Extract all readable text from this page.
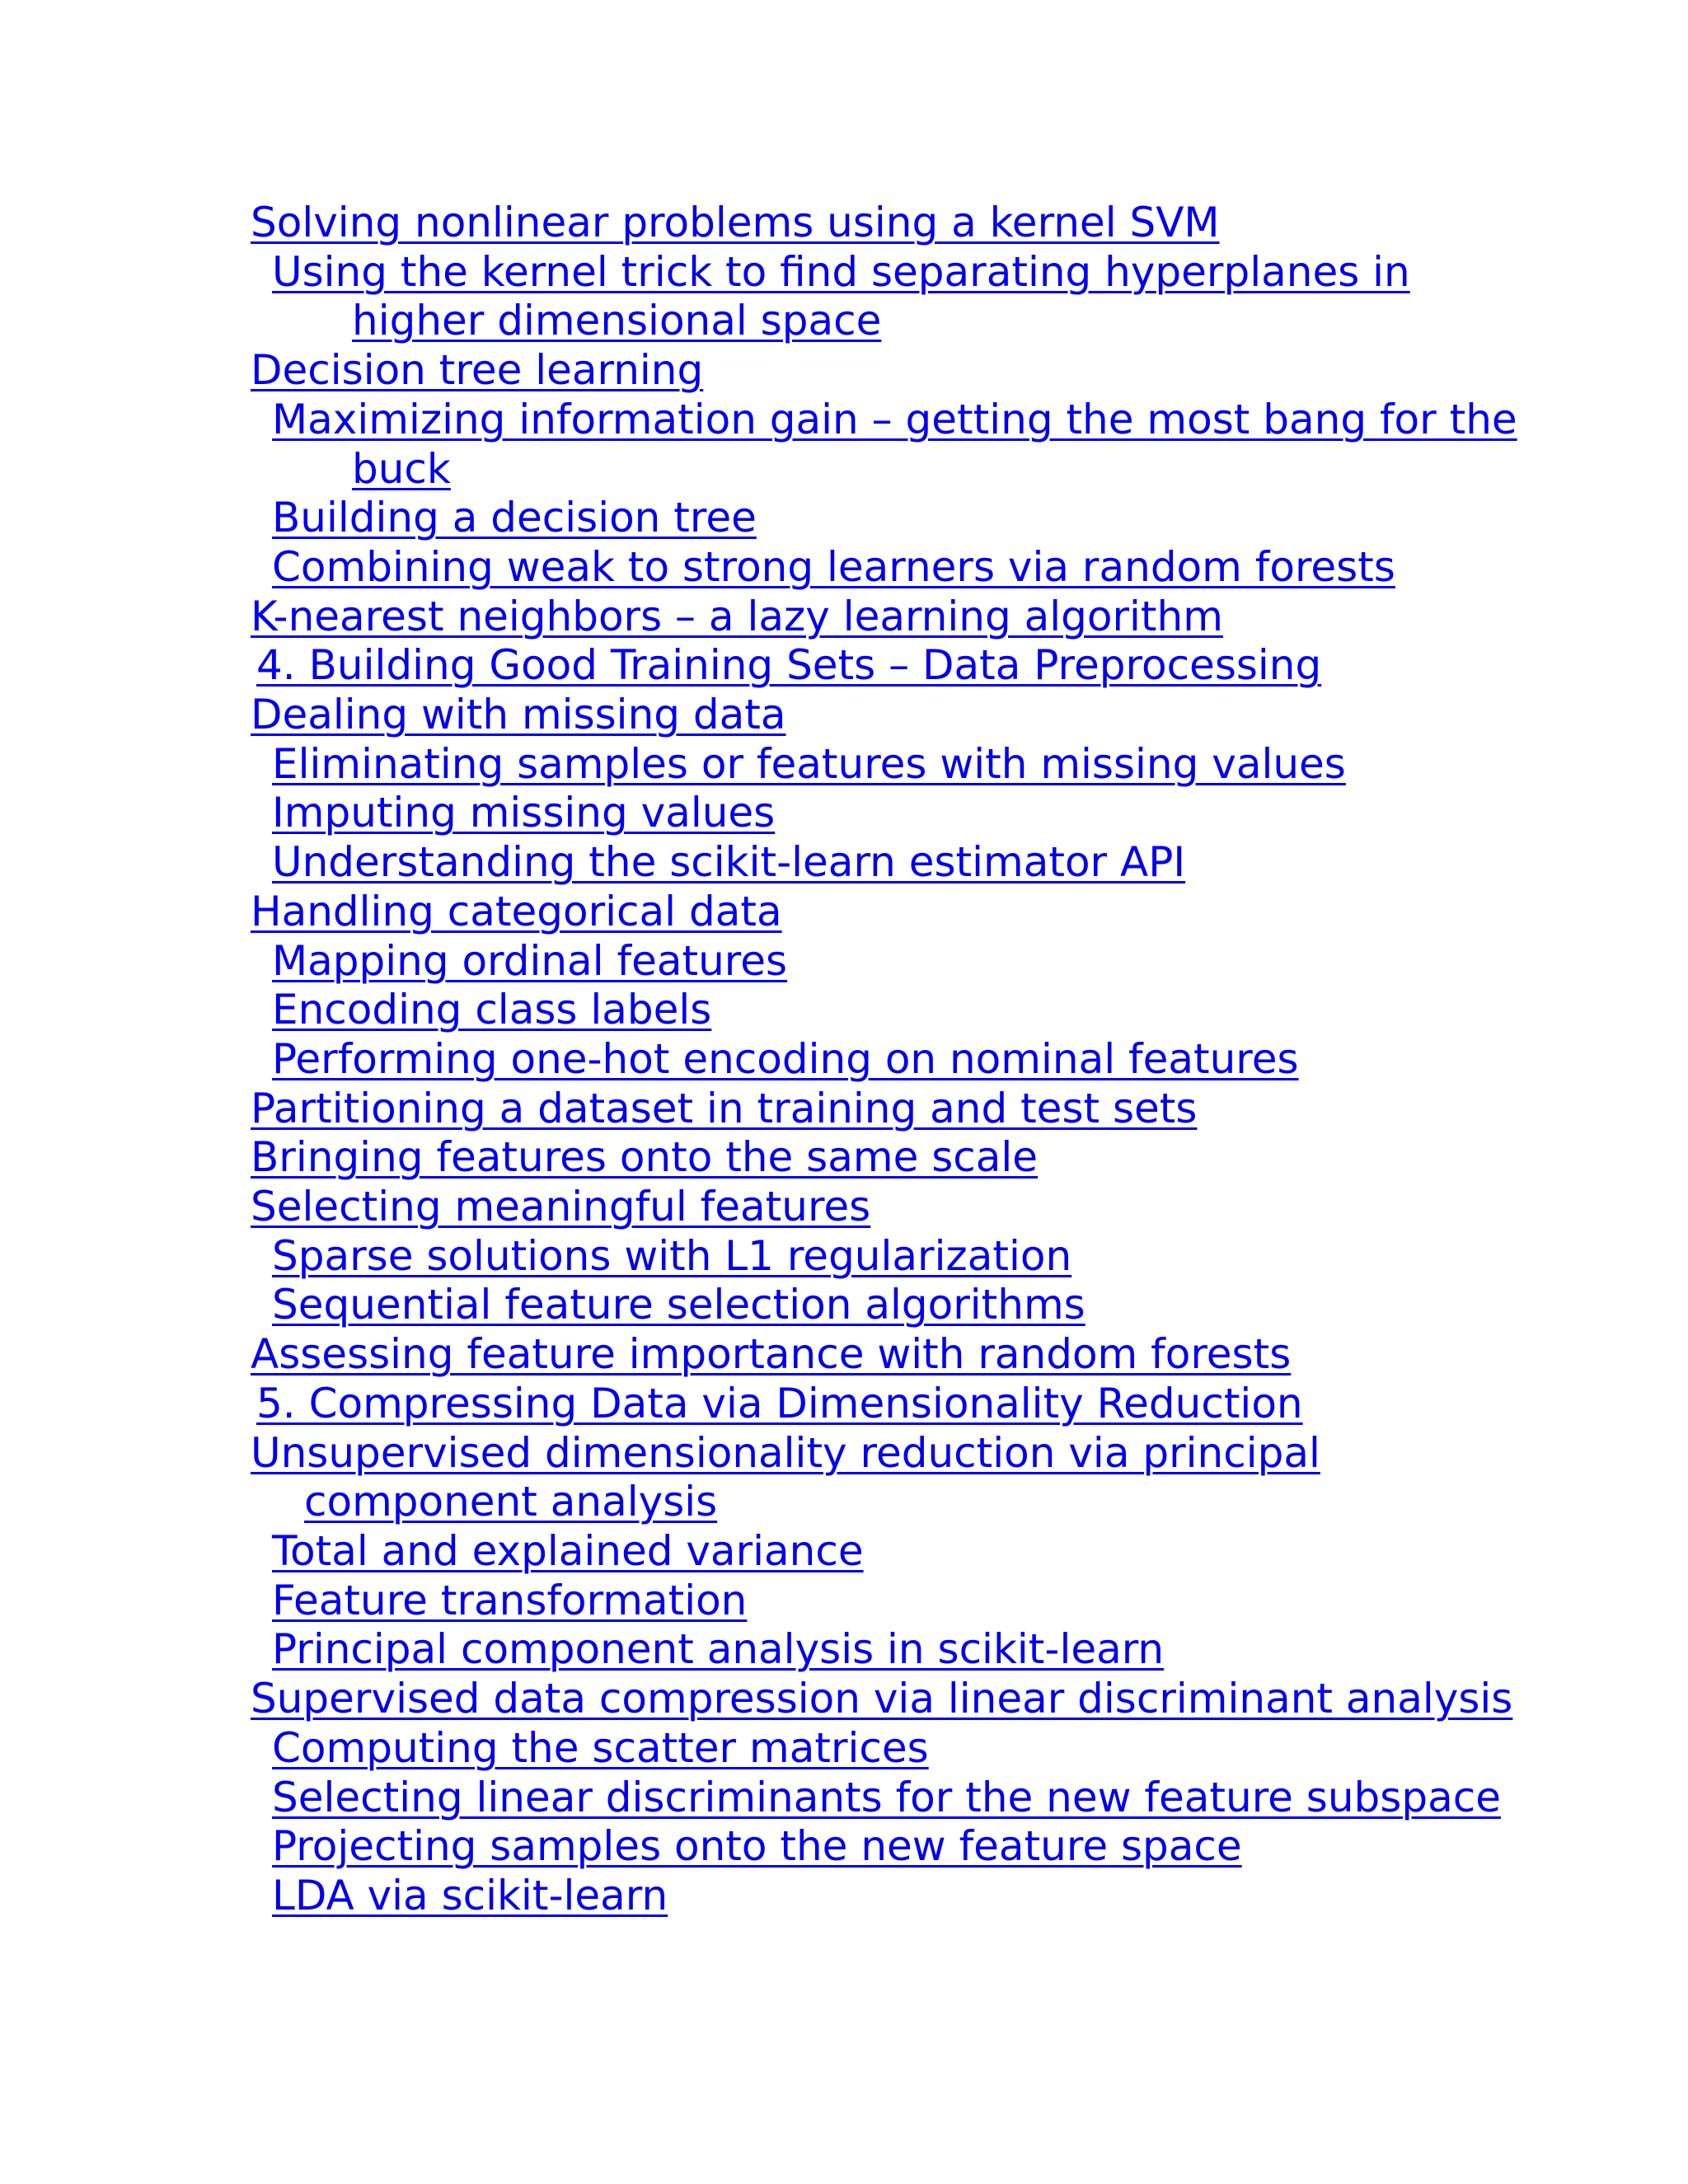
Solving nonlinear problems using a kernel SVM
Using the kernel trick to find separating hyperplanes in higher dimensional space
Decision tree learning
Maximizing information gain – getting the most bang for the buck
Building a decision tree
Combining weak to strong learners via random forests
K-nearest neighbors – a lazy learning algorithm
4. Building Good Training Sets – Data Preprocessing
Dealing with missing data
Eliminating samples or features with missing values
Imputing missing values
Understanding the scikit-learn estimator API
Handling categorical data
Mapping ordinal features
Encoding class labels
Performing one-hot encoding on nominal features
Partitioning a dataset in training and test sets
Bringing features onto the same scale
Selecting meaningful features
Sparse solutions with L1 regularization
Sequential feature selection algorithms
Assessing feature importance with random forests
5. Compressing Data via Dimensionality Reduction
Unsupervised dimensionality reduction via principal component analysis
Total and explained variance
Feature transformation
Principal component analysis in scikit-learn
Supervised data compression via linear discriminant analysis
Computing the scatter matrices
Selecting linear discriminants for the new feature subspace
Projecting samples onto the new feature space
LDA via scikit-learn
